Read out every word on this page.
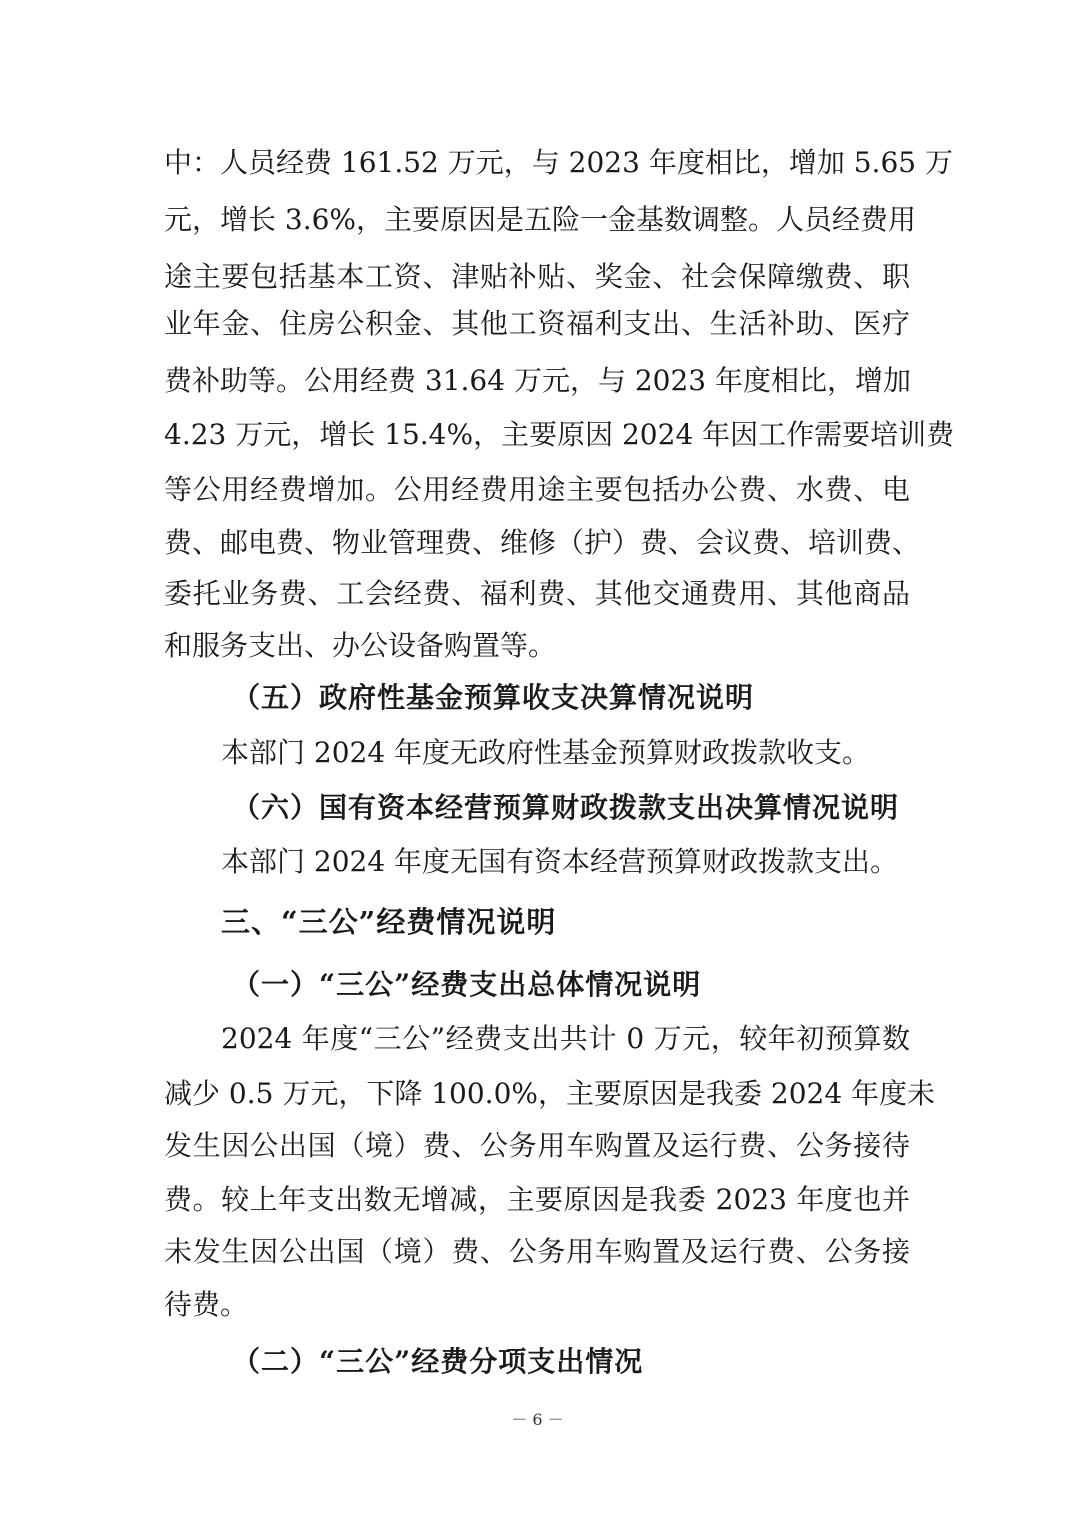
中：人员经费 161.52 万元，与 2023 年度相比，增加 5.65 万
元，增长 3.6%，主要原因是五险一金基数调整。人员经费用
途主要包括基本工资、津贴补贴、奖金、社会保障缴费、职
业年金、住房公积金、其他工资福利支出、生活补助、医疗
费补助等。公用经费 31.64 万元，与 2023 年度相比，增加
4.23 万元，增长 15.4%，主要原因 2024 年因工作需要培训费
等公用经费增加。公用经费用途主要包括办公费、水费、电
费、邮电费、物业管理费、维修（护）费、会议费、培训费、
委托业务费、工会经费、福利费、其他交通费用、其他商品
和服务支出、办公设备购置等。
（五）政府性基金预算收支决算情况说明
本部门 2024 年度无政府性基金预算财政拨款收支。
（六）国有资本经营预算财政拨款支出决算情况说明
本部门 2024 年度无国有资本经营预算财政拨款支出。
三、“三公”经费情况说明
（一）“三公”经费支出总体情况说明
2024 年度“三公”经费支出共计 0 万元，较年初预算数
减少 0.5 万元，下降 100.0%，主要原因是我委 2024 年度未
发生因公出国（境）费、公务用车购置及运行费、公务接待
费。较上年支出数无增减，主要原因是我委 2023 年度也并
未发生因公出国（境）费、公务用车购置及运行费、公务接
待费。
（二）“三公”经费分项支出情况
－ 6 －
